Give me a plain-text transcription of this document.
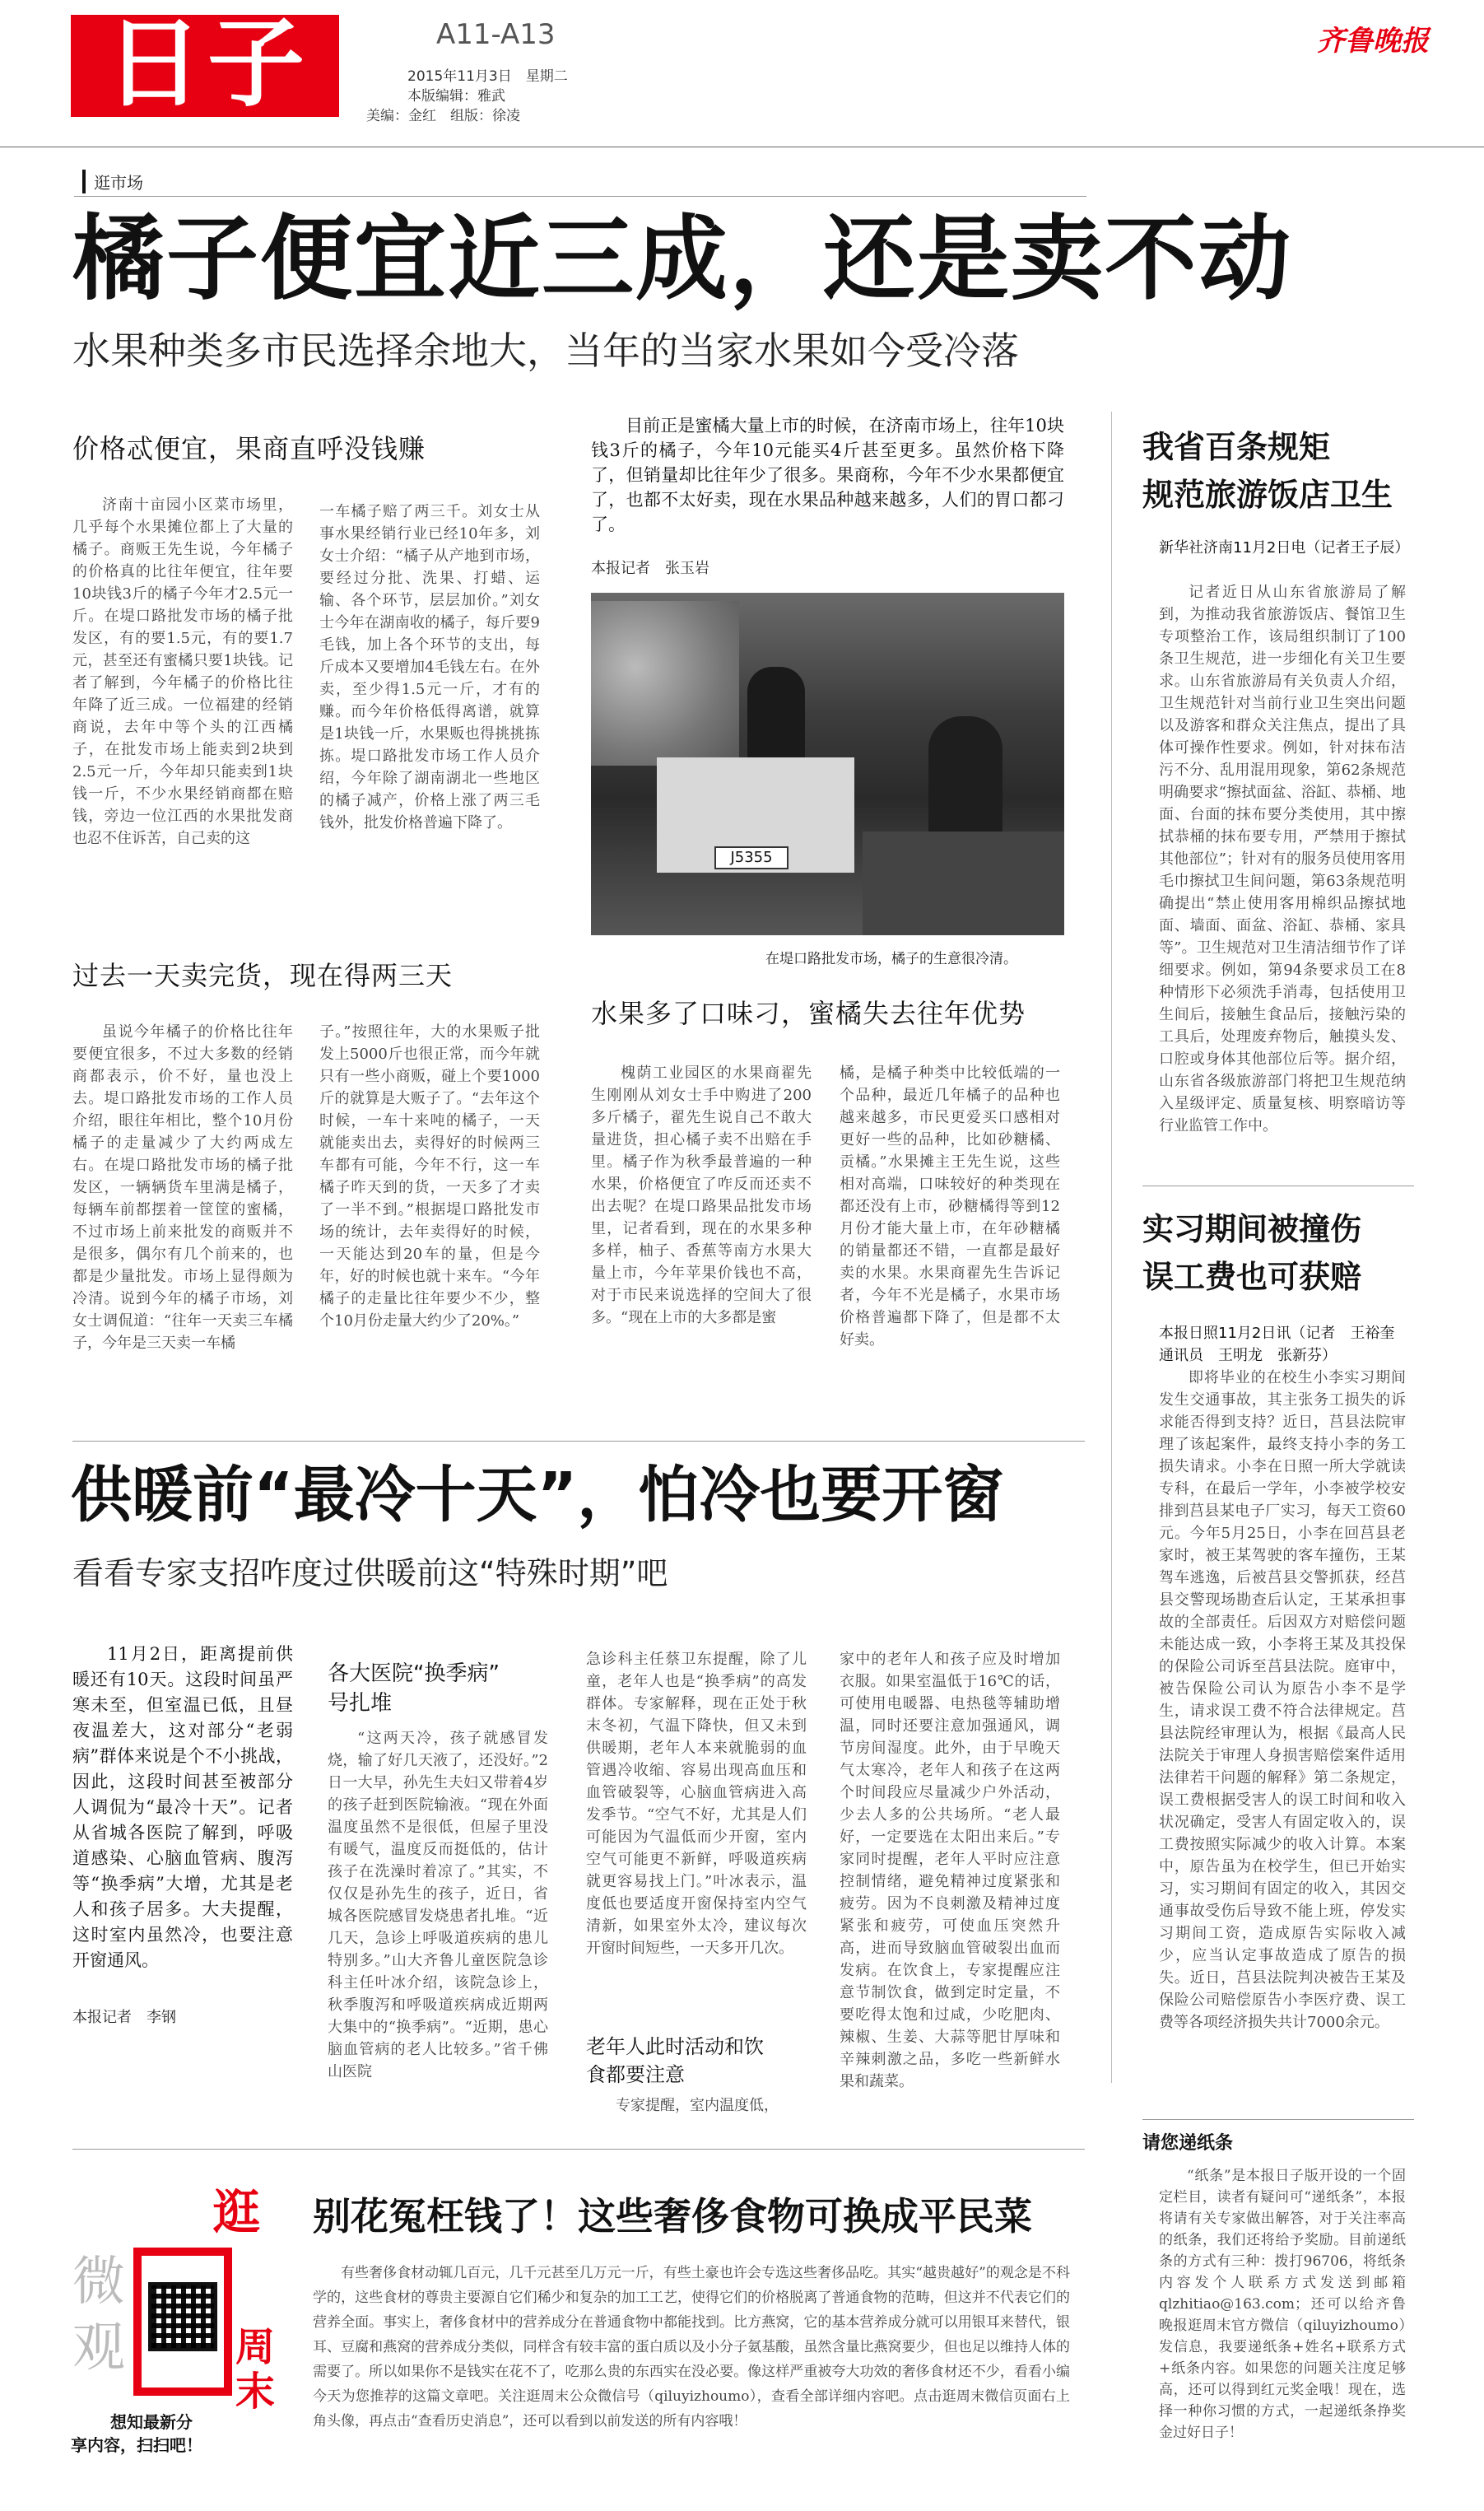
日子	A11-A13
2015年11月3日　星期二
本版编辑：雅武
美编：金红　组版：徐凌
齐鲁晚报
逛市场
橘子便宜近三成，还是卖不动
水果种类多市民选择余地大，当年的当家水果如今受冷落
价格忒便宜，果商直呼没钱赚
济南十亩园小区菜市场里，几乎每个水果摊位都上了大量的橘子。商贩王先生说，今年橘子的价格真的比往年便宜，往年要10块钱3斤的橘子今年才2.5元一斤。在堤口路批发市场的橘子批发区，有的要1.5元，有的要1.7元，甚至还有蜜橘只要1块钱。记者了解到，今年橘子的价格比往年降了近三成。一位福建的经销商说，去年中等个头的江西橘子，在批发市场上能卖到2块到2.5元一斤，今年却只能卖到1块钱一斤，不少水果经销商都在赔钱，旁边一位江西的水果批发商也忍不住诉苦，自己卖的这
一车橘子赔了两三千。刘女士从事水果经销行业已经10年多，刘女士介绍：“橘子从产地到市场，要经过分批、洗果、打蜡、运输、各个环节，层层加价。”刘女士今年在湖南收的橘子，每斤要9毛钱，加上各个环节的支出，每斤成本又要增加4毛钱左右。在外卖，至少得1.5元一斤，才有的赚。而今年价格低得离谱，就算是1块钱一斤，水果贩也得挑挑拣拣。堤口路批发市场工作人员介绍，今年除了湖南湖北一些地区的橘子减产，价格上涨了两三毛钱外，批发价格普遍下降了。
目前正是蜜橘大量上市的时候，在济南市场上，往年10块钱3斤的橘子，今年10元能买4斤甚至更多。虽然价格下降了，但销量却比往年少了很多。果商称，今年不少水果都便宜了，也都不太好卖，现在水果品种越来越多，人们的胃口都刁了。
本报记者　张玉岩
J5355
在堤口路批发市场，橘子的生意很冷清。
过去一天卖完货，现在得两三天
虽说今年橘子的价格比往年要便宜很多，不过大多数的经销商都表示，价不好，量也没上去。堤口路批发市场的工作人员介绍，眼往年相比，整个10月份橘子的走量减少了大约两成左右。在堤口路批发市场的橘子批发区，一辆辆货车里满是橘子，每辆车前都摆着一筐筐的蜜橘，不过市场上前来批发的商贩并不是很多，偶尔有几个前来的，也都是少量批发。市场上显得颇为冷清。说到今年的橘子市场，刘女士调侃道：“往年一天卖三车橘子，今年是三天卖一车橘
子。”按照往年，大的水果贩子批发上5000斤也很正常，而今年就只有一些小商贩，碰上个要1000斤的就算是大贩子了。“去年这个时候，一车十来吨的橘子，一天就能卖出去，卖得好的时候两三车都有可能，今年不行，这一车橘子昨天到的货，一天多了才卖了一半不到。”根据堤口路批发市场的统计，去年卖得好的时候，一天能达到20车的量，但是今年，好的时候也就十来车。“今年橘子的走量比往年要少不少，整个10月份走量大约少了20%。”
水果多了口味刁，蜜橘失去往年优势
槐荫工业园区的水果商翟先生刚刚从刘女士手中购进了200多斤橘子，翟先生说自己不敢大量进货，担心橘子卖不出赔在手里。橘子作为秋季最普遍的一种水果，价格便宜了咋反而还卖不出去呢？在堤口路果品批发市场里，记者看到，现在的水果多种多样，柚子、香蕉等南方水果大量上市，今年苹果价钱也不高，对于市民来说选择的空间大了很多。“现在上市的大多都是蜜
橘，是橘子种类中比较低端的一个品种，最近几年橘子的品种也越来越多，市民更爱买口感相对更好一些的品种，比如砂糖橘、贡橘。”水果摊主王先生说，这些相对高端，口味较好的种类现在都还没有上市，砂糖橘得等到12月份才能大量上市，在年砂糖橘的销量都还不错，一直都是最好卖的水果。水果商翟先生告诉记者，今年不光是橘子，水果市场价格普遍都下降了，但是都不太好卖。
我省百条规矩
规范旅游饭店卫生
新华社济南11月2日电（记者王子辰）
记者近日从山东省旅游局了解到，为推动我省旅游饭店、餐馆卫生专项整治工作，该局组织制订了100条卫生规范，进一步细化有关卫生要求。山东省旅游局有关负责人介绍，卫生规范针对当前行业卫生突出问题以及游客和群众关注焦点，提出了具体可操作性要求。例如，针对抹布洁污不分、乱用混用现象，第62条规范明确要求“擦拭面盆、浴缸、恭桶、地面、台面的抹布要分类使用，其中擦拭恭桶的抹布要专用，严禁用于擦拭其他部位”；针对有的服务员使用客用毛巾擦拭卫生间问题，第63条规范明确提出“禁止使用客用棉织品擦拭地面、墙面、面盆、浴缸、恭桶、家具等”。卫生规范对卫生清洁细节作了详细要求。例如，第94条要求员工在8种情形下必须洗手消毒，包括使用卫生间后，接触生食品后，接触污染的工具后，处理废弃物后，触摸头发、口腔或身体其他部位后等。据介绍，山东省各级旅游部门将把卫生规范纳入星级评定、质量复核、明察暗访等行业监管工作中。
实习期间被撞伤
误工费也可获赔
本报日照11月2日讯（记者　王裕奎　通讯员　王明龙　张新芬）
即将毕业的在校生小李实习期间发生交通事故，其主张务工损失的诉求能否得到支持？近日，莒县法院审理了该起案件，最终支持小李的务工损失请求。小李在日照一所大学就读专科，在最后一学年，小李被学校安排到莒县某电子厂实习，每天工资60元。今年5月25日，小李在回莒县老家时，被王某驾驶的客车撞伤，王某驾车逃逸，后被莒县交警抓获，经莒县交警现场勘查后认定，王某承担事故的全部责任。后因双方对赔偿问题未能达成一致，小李将王某及其投保的保险公司诉至莒县法院。庭审中，被告保险公司认为原告小李不是学生，请求误工费不符合法律规定。莒县法院经审理认为，根据《最高人民法院关于审理人身损害赔偿案件适用法律若干问题的解释》第二条规定，误工费根据受害人的误工时间和收入状况确定，受害人有固定收入的，误工费按照实际减少的收入计算。本案中，原告虽为在校学生，但已开始实习，实习期间有固定的收入，其因交通事故受伤后导致不能上班，停发实习期间工资，造成原告实际收入减少，应当认定事故造成了原告的损失。近日，莒县法院判决被告王某及保险公司赔偿原告小李医疗费、误工费等各项经济损失共计7000余元。
请您递纸条
“纸条”是本报日子版开设的一个固定栏目，读者有疑问可“递纸条”，本报将请有关专家做出解答，对于关注率高的纸条，我们还将给予奖励。目前递纸条的方式有三种：拨打96706，将纸条内容发个人联系方式发送到邮箱qlzhitiao@163.com；还可以给齐鲁晚报逛周末官方微信（qiluyizhoumo）发信息，我要递纸条+姓名+联系方式+纸条内容。如果您的问题关注度足够高，还可以得到红元奖金哦！现在，选择一种你习惯的方式，一起递纸条挣奖金过好日子！
供暖前“最冷十天”，怕冷也要开窗
看看专家支招咋度过供暖前这“特殊时期”吧
11月2日，距离提前供暖还有10天。这段时间虽严寒未至，但室温已低，且昼夜温差大，这对部分“老弱病”群体来说是个不小挑战，因此，这段时间甚至被部分人调侃为“最冷十天”。记者从省城各医院了解到，呼吸道感染、心脑血管病、腹泻等“换季病”大增，尤其是老人和孩子居多。大夫提醒，这时室内虽然冷，也要注意开窗通风。
本报记者　李钢
各大医院“换季病”
号扎堆
“这两天冷，孩子就感冒发烧，输了好几天液了，还没好。”2日一大早，孙先生夫妇又带着4岁的孩子赶到医院输液。“现在外面温度虽然不是很低，但屋子里没有暖气，温度反而挺低的，估计孩子在洗澡时着凉了。”其实，不仅仅是孙先生的孩子，近日，省城各医院感冒发烧患者扎堆。“近几天，急诊上呼吸道疾病的患儿特别多。”山大齐鲁儿童医院急诊科主任叶冰介绍，该院急诊上，秋季腹泻和呼吸道疾病成近期两大集中的“换季病”。“近期，患心脑血管病的老人比较多。”省千佛山医院
急诊科主任蔡卫东提醒，除了儿童，老年人也是“换季病”的高发群体。专家解释，现在正处于秋末冬初，气温下降快，但又未到供暖期，老年人本来就脆弱的血管遇冷收缩、容易出现高血压和血管破裂等，心脑血管病进入高发季节。“空气不好，尤其是人们可能因为气温低而少开窗，室内空气可能更不新鲜，呼吸道疾病就更容易找上门。”叶冰表示，温度低也要适度开窗保持室内空气清新，如果室外太冷，建议每次开窗时间短些，一天多开几次。
老年人此时活动和饮
食都要注意
专家提醒，室内温度低，
家中的老年人和孩子应及时增加衣服。如果室温低于16℃的话，可使用电暖器、电热毯等辅助增温，同时还要注意加强通风，调节房间湿度。此外，由于早晚天气太寒冷，老年人和孩子在这两个时间段应尽量减少户外活动，少去人多的公共场所。“老人最好，一定要选在太阳出来后。”专家同时提醒，老年人平时应注意控制情绪，避免精神过度紧张和疲劳。因为不良刺激及精神过度紧张和疲劳，可使血压突然升高，进而导致脑血管破裂出血而发病。在饮食上，专家提醒应注意节制饮食，做到定时定量，不要吃得太饱和过咸，少吃肥肉、辣椒、生姜、大蒜等肥甘厚味和辛辣刺激之品，多吃一些新鲜水果和蔬菜。
微
观
逛
周末
想知最新分
享内容，扫扫吧！
别花冤枉钱了！这些奢侈食物可换成平民菜
有些奢侈食材动辄几百元，几千元甚至几万元一斤，有些土豪也许会专选这些奢侈品吃。其实“越贵越好”的观念是不科学的，这些食材的尊贵主要源自它们稀少和复杂的加工工艺，使得它们的价格脱离了普通食物的范畴，但这并不代表它们的营养全面。事实上，奢侈食材中的营养成分在普通食物中都能找到。比方燕窝，它的基本营养成分就可以用银耳来替代，银耳、豆腐和燕窝的营养成分类似，同样含有较丰富的蛋白质以及小分子氨基酸，虽然含量比燕窝要少，但也足以维持人体的需要了。所以如果你不是钱实在花不了，吃那么贵的东西实在没必要。像这样严重被夸大功效的奢侈食材还不少，看看小编今天为您推荐的这篇文章吧。关注逛周末公众微信号（qiluyizhoumo），查看全部详细内容吧。点击逛周末微信页面右上角头像，再点击“查看历史消息”，还可以看到以前发送的所有内容哦！
